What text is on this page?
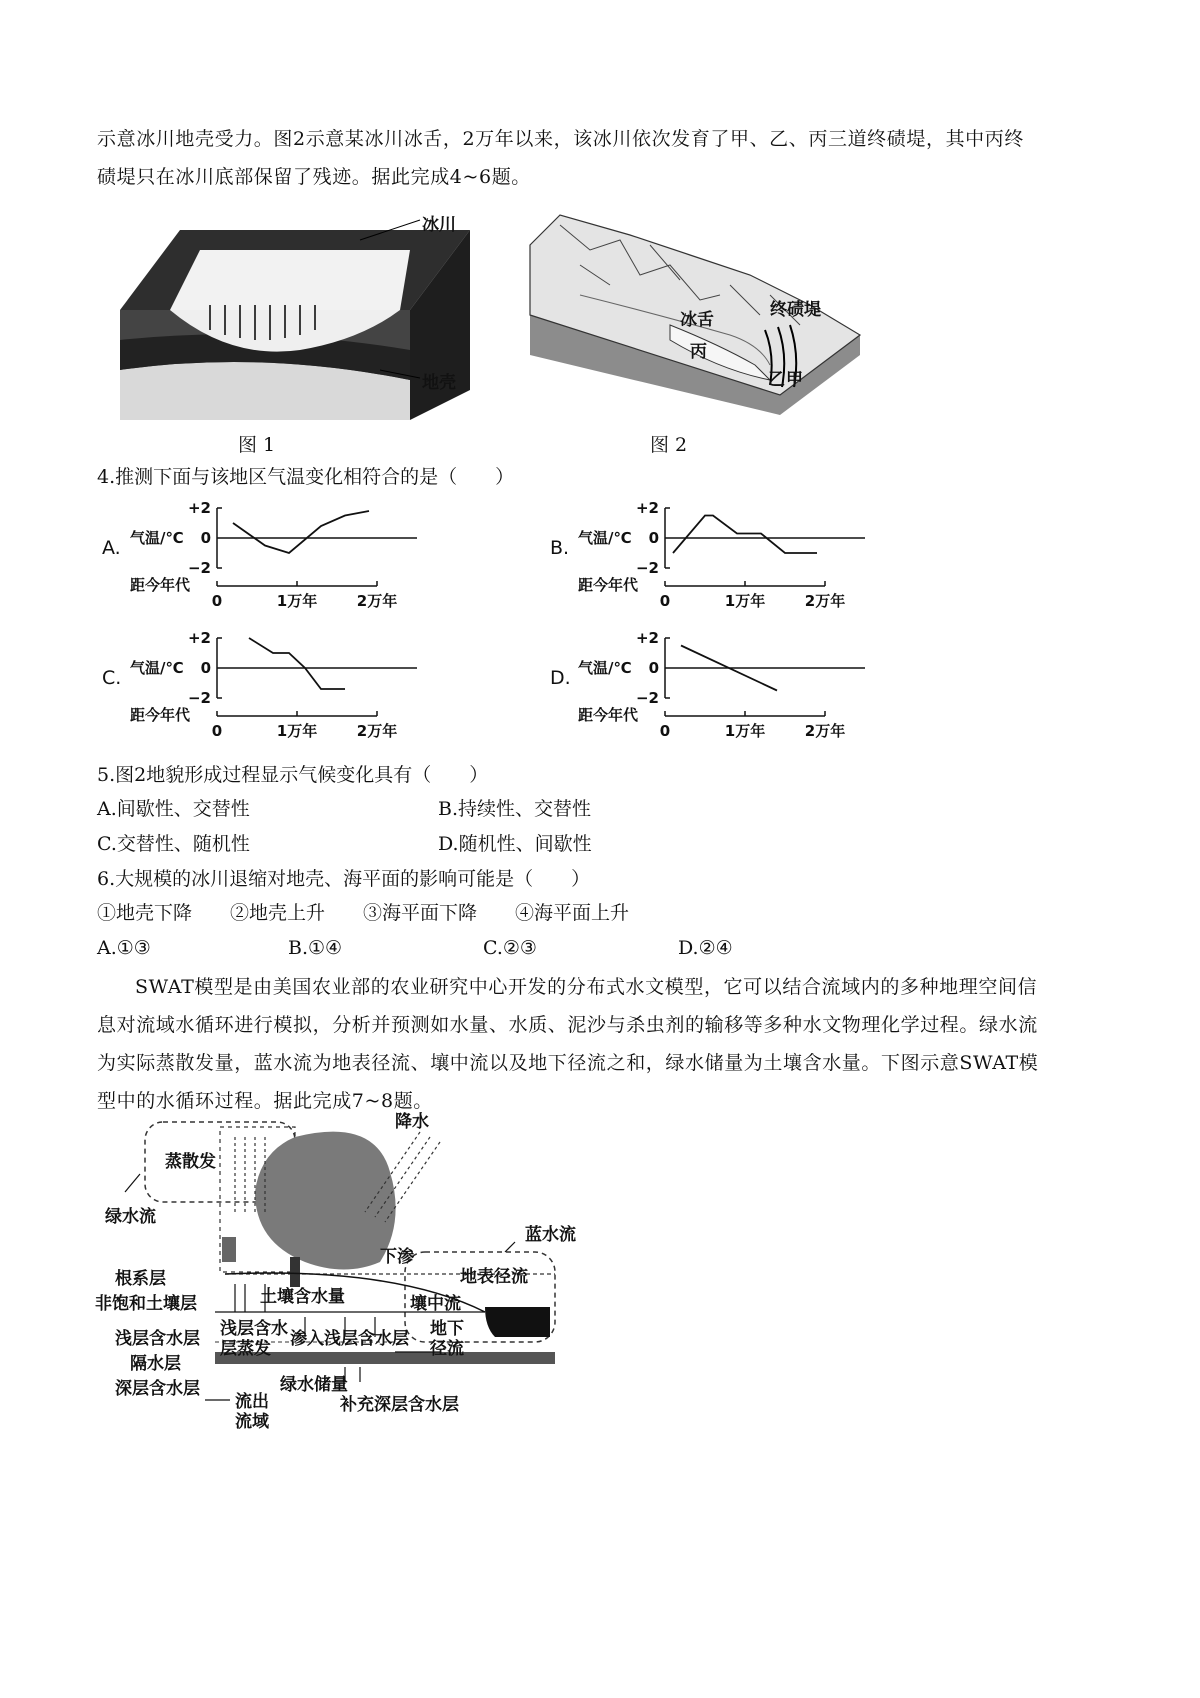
示意冰川地壳受力。图2示意某冰川冰舌，2万年以来，该冰川依次发育了甲、乙、丙三道终碛堤，其中丙终
碛堤只在冰川底部保留了残迹。据此完成4~6题。
冰川
地壳
图 1
冰舌	终碛堤
丙
乙 甲
图 2
4.推测下面与该地区气温变化相符合的是（　　）
+2
0
−2
气温/℃
距今年代
0	1万年	2万年
A.
+2
0
−2
气温/℃
距今年代
0	1万年	2万年
B.
+2
0
−2
气温/℃
距今年代
0	1万年	2万年
C.
+2
0
−2
气温/℃
距今年代
0	1万年	2万年
D.
5.图2地貌形成过程显示气候变化具有（　　）
A.间歇性、交替性	B.持续性、交替性
C.交替性、随机性	D.随机性、间歇性
6.大规模的冰川退缩对地壳、海平面的影响可能是（　　）
①地壳下降　　②地壳上升　　③海平面下降　　④海平面上升
A.①③	B.①④	C.②③	D.②④
SWAT模型是由美国农业部的农业研究中心开发的分布式水文模型，它可以结合流域内的多种地理空间信
息对流域水循环进行模拟，分析并预测如水量、水质、泥沙与杀虫剂的输移等多种水文物理化学过程。绿水流
为实际蒸散发量，蓝水流为地表径流、壤中流以及地下径流之和，绿水储量为土壤含水量。下图示意SWAT模
型中的水循环过程。据此完成7~8题。
蒸散发
绿水流
降水
蓝水流
下渗
地表径流
根系层
非饱和土壤层	土壤含水量	壤中流
浅层含水层 浅层含水
层蒸发 渗入浅层含水层 地下
径流
隔水层
深层含水层	绿水储量
流出
流域
补充深层含水层
